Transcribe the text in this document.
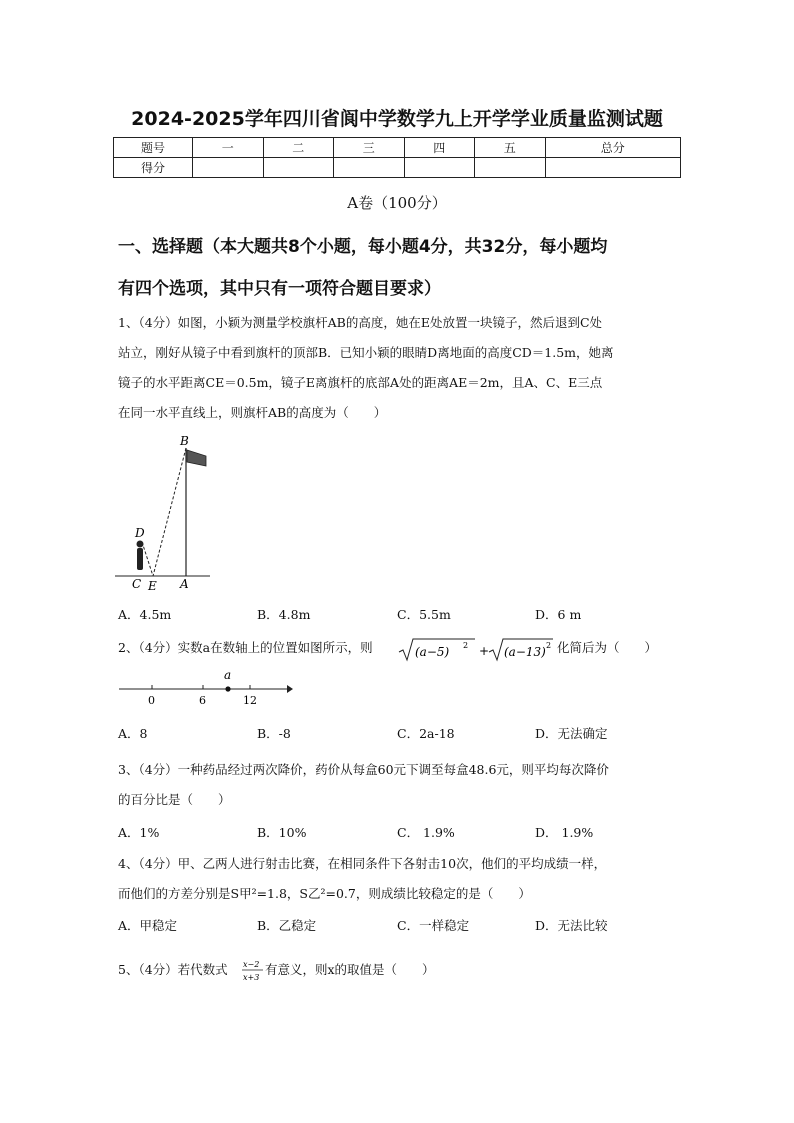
2024-2025学年四川省阆中学数学九上开学学业质量监测试题
题号	一	二	三	四	五	总分
得分						
A卷（100分）
一、选择题（本大题共8个小题，每小题4分，共32分，每小题均
有四个选项，其中只有一项符合题目要求）
1、（4分）如图，小颖为测量学校旗杆AB的高度，她在E处放置一块镜子，然后退到C处
站立，刚好从镜子中看到旗杆的顶部B．已知小颖的眼睛D离地面的高度CD＝1.5m，她离
镜子的水平距离CE＝0.5m，镜子E离旗杆的底部A处的距离AE＝2m，且A、C、E三点
在同一水平直线上，则旗杆AB的高度为（　　）
B
D
C E A
A．4.5m	B．4.8m	C．5.5m	D．6 m
2、（4分）实数a在数轴上的位置如图所示，则	(a−5) 2 + (a−13) 2 化简后为（　　）
a
0	6	12
A．8	B．-8	C．2a-18	D．无法确定
3、（4分）一种药品经过两次降价，药价从每盒60元下调至每盒48.6元，则平均每次降价
的百分比是（　　）
A．1%	B．10%	C． 1.9%	D． 1.9%
4、（4分）甲、乙两人进行射击比赛，在相同条件下各射击10次，他们的平均成绩一样，
而他们的方差分别是S甲²=1.8，S乙²=0.7，则成绩比较稳定的是（　　）
A．甲稳定	B．乙稳定	C．一样稳定	D．无法比较
5、（4分）若代数式 x−2
x+3
有意义，则x的取值是（　　）
